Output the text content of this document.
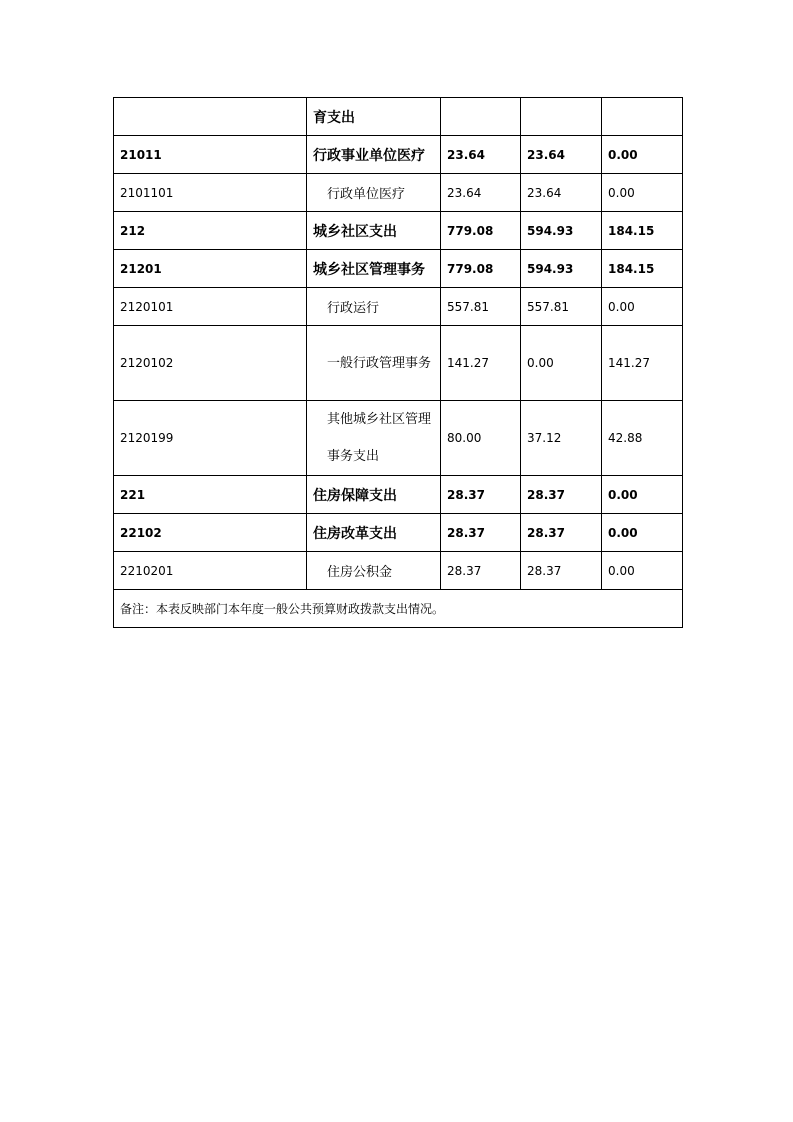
	育支出			
21011	行政事业单位医疗	23.64	23.64	0.00
2101101	行政单位医疗	23.64	23.64	0.00
212	城乡社区支出	779.08	594.93	184.15
21201	城乡社区管理事务	779.08	594.93	184.15
2120101	行政运行	557.81	557.81	0.00
2120102	一般行政管理事务	141.27	0.00	141.27
2120199	其他城乡社区管理事务支出	80.00	37.12	42.88
221	住房保障支出	28.37	28.37	0.00
22102	住房改革支出	28.37	28.37	0.00
2210201	住房公积金	28.37	28.37	0.00
备注：本表反映部门本年度一般公共预算财政拨款支出情况。				
